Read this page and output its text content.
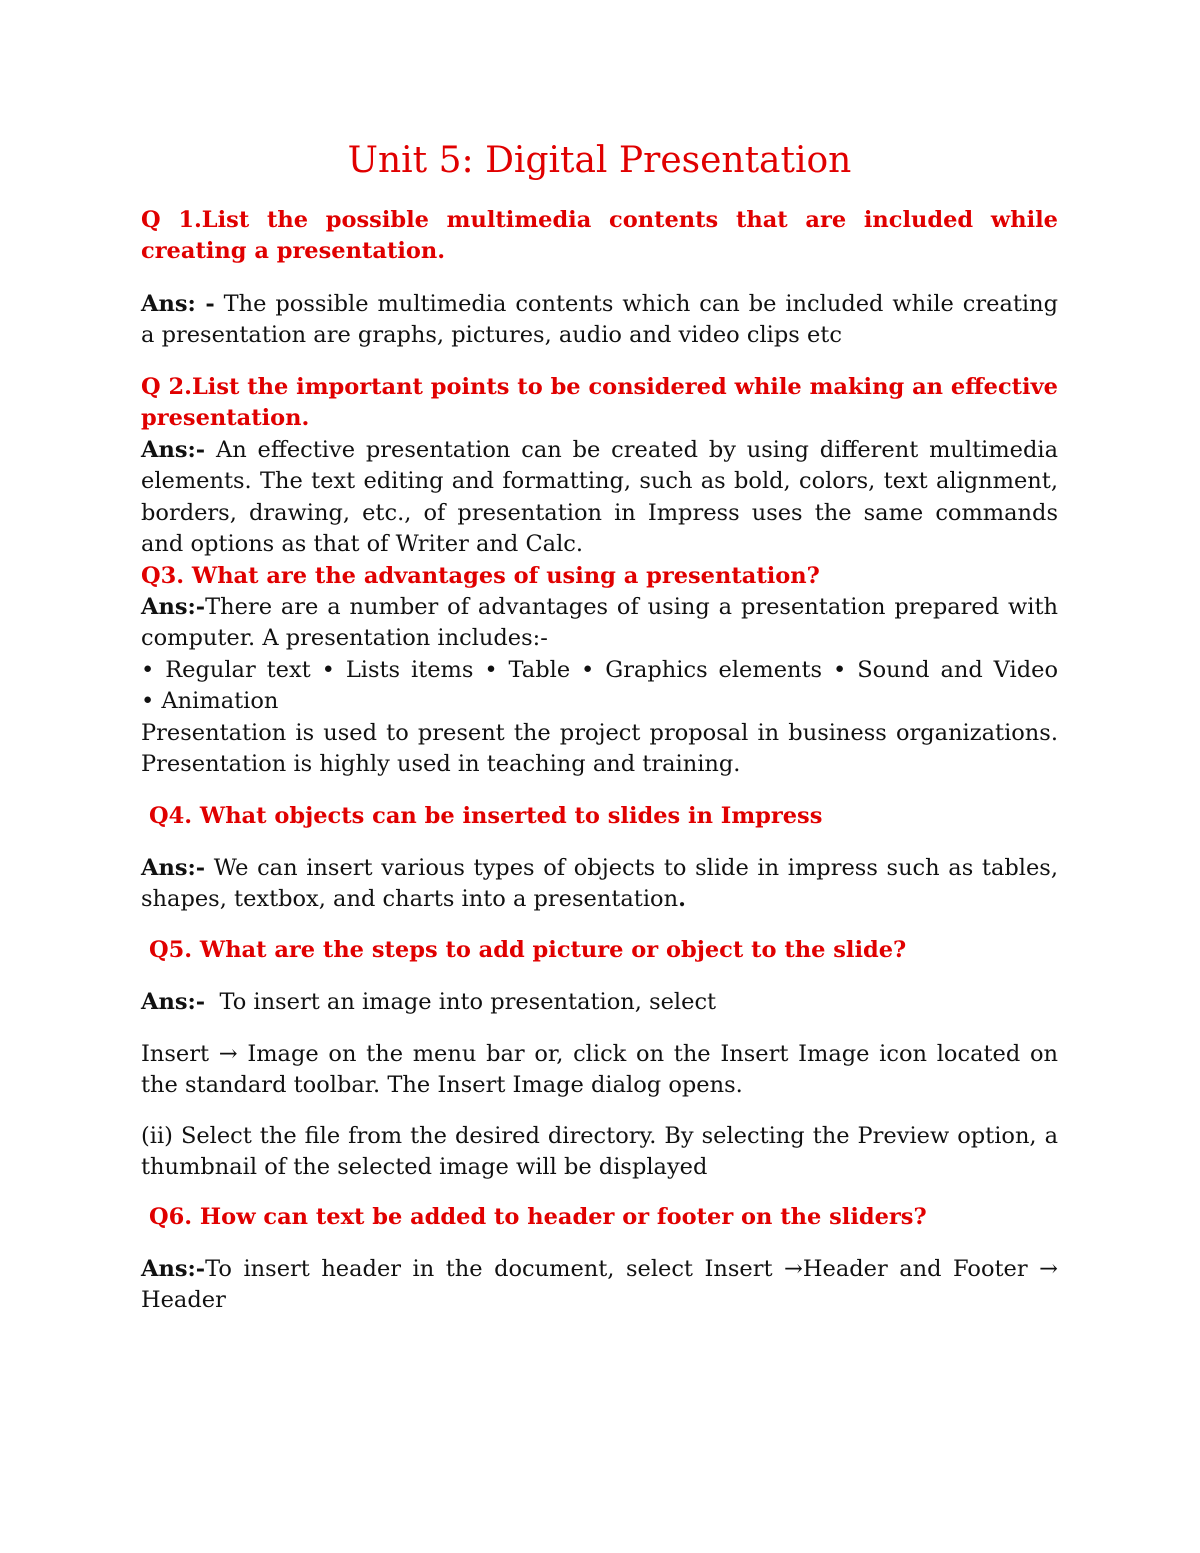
Unit 5: Digital Presentation

Q 1.List the possible multimedia contents that are included while creating a presentation.

Ans: - The possible multimedia contents which can be included while creating a presentation are graphs, pictures, audio and video clips etc

Q 2.List the important points to be considered while making an effective presentation.

Ans:- An effective presentation can be created by using different multimedia elements. The text editing and formatting, such as bold, colors, text alignment, borders, drawing, etc., of presentation in Impress uses the same commands and options as that of Writer and Calc.

Q3. What are the advantages of using a presentation?

Ans:-There are a number of advantages of using a presentation prepared with computer. A presentation includes:-

• Regular text • Lists items • Table • Graphics elements • Sound and Video

• Animation

Presentation is used to present the project proposal in business organizations. Presentation is highly used in teaching and training.

Q4. What objects can be inserted to slides in Impress

Ans:- We can insert various types of objects to slide in impress such as tables, shapes, textbox, and charts into a presentation.

Q5. What are the steps to add picture or object to the slide?

Ans:-  To insert an image into presentation, select

Insert → Image on the menu bar or, click on the Insert Image icon located on the standard toolbar. The Insert Image dialog opens.

(ii) Select the file from the desired directory. By selecting the Preview option, a thumbnail of the selected image will be displayed

Q6. How can text be added to header or footer on the sliders?

Ans:-To insert header in the document, select Insert →Header and Footer → Header
